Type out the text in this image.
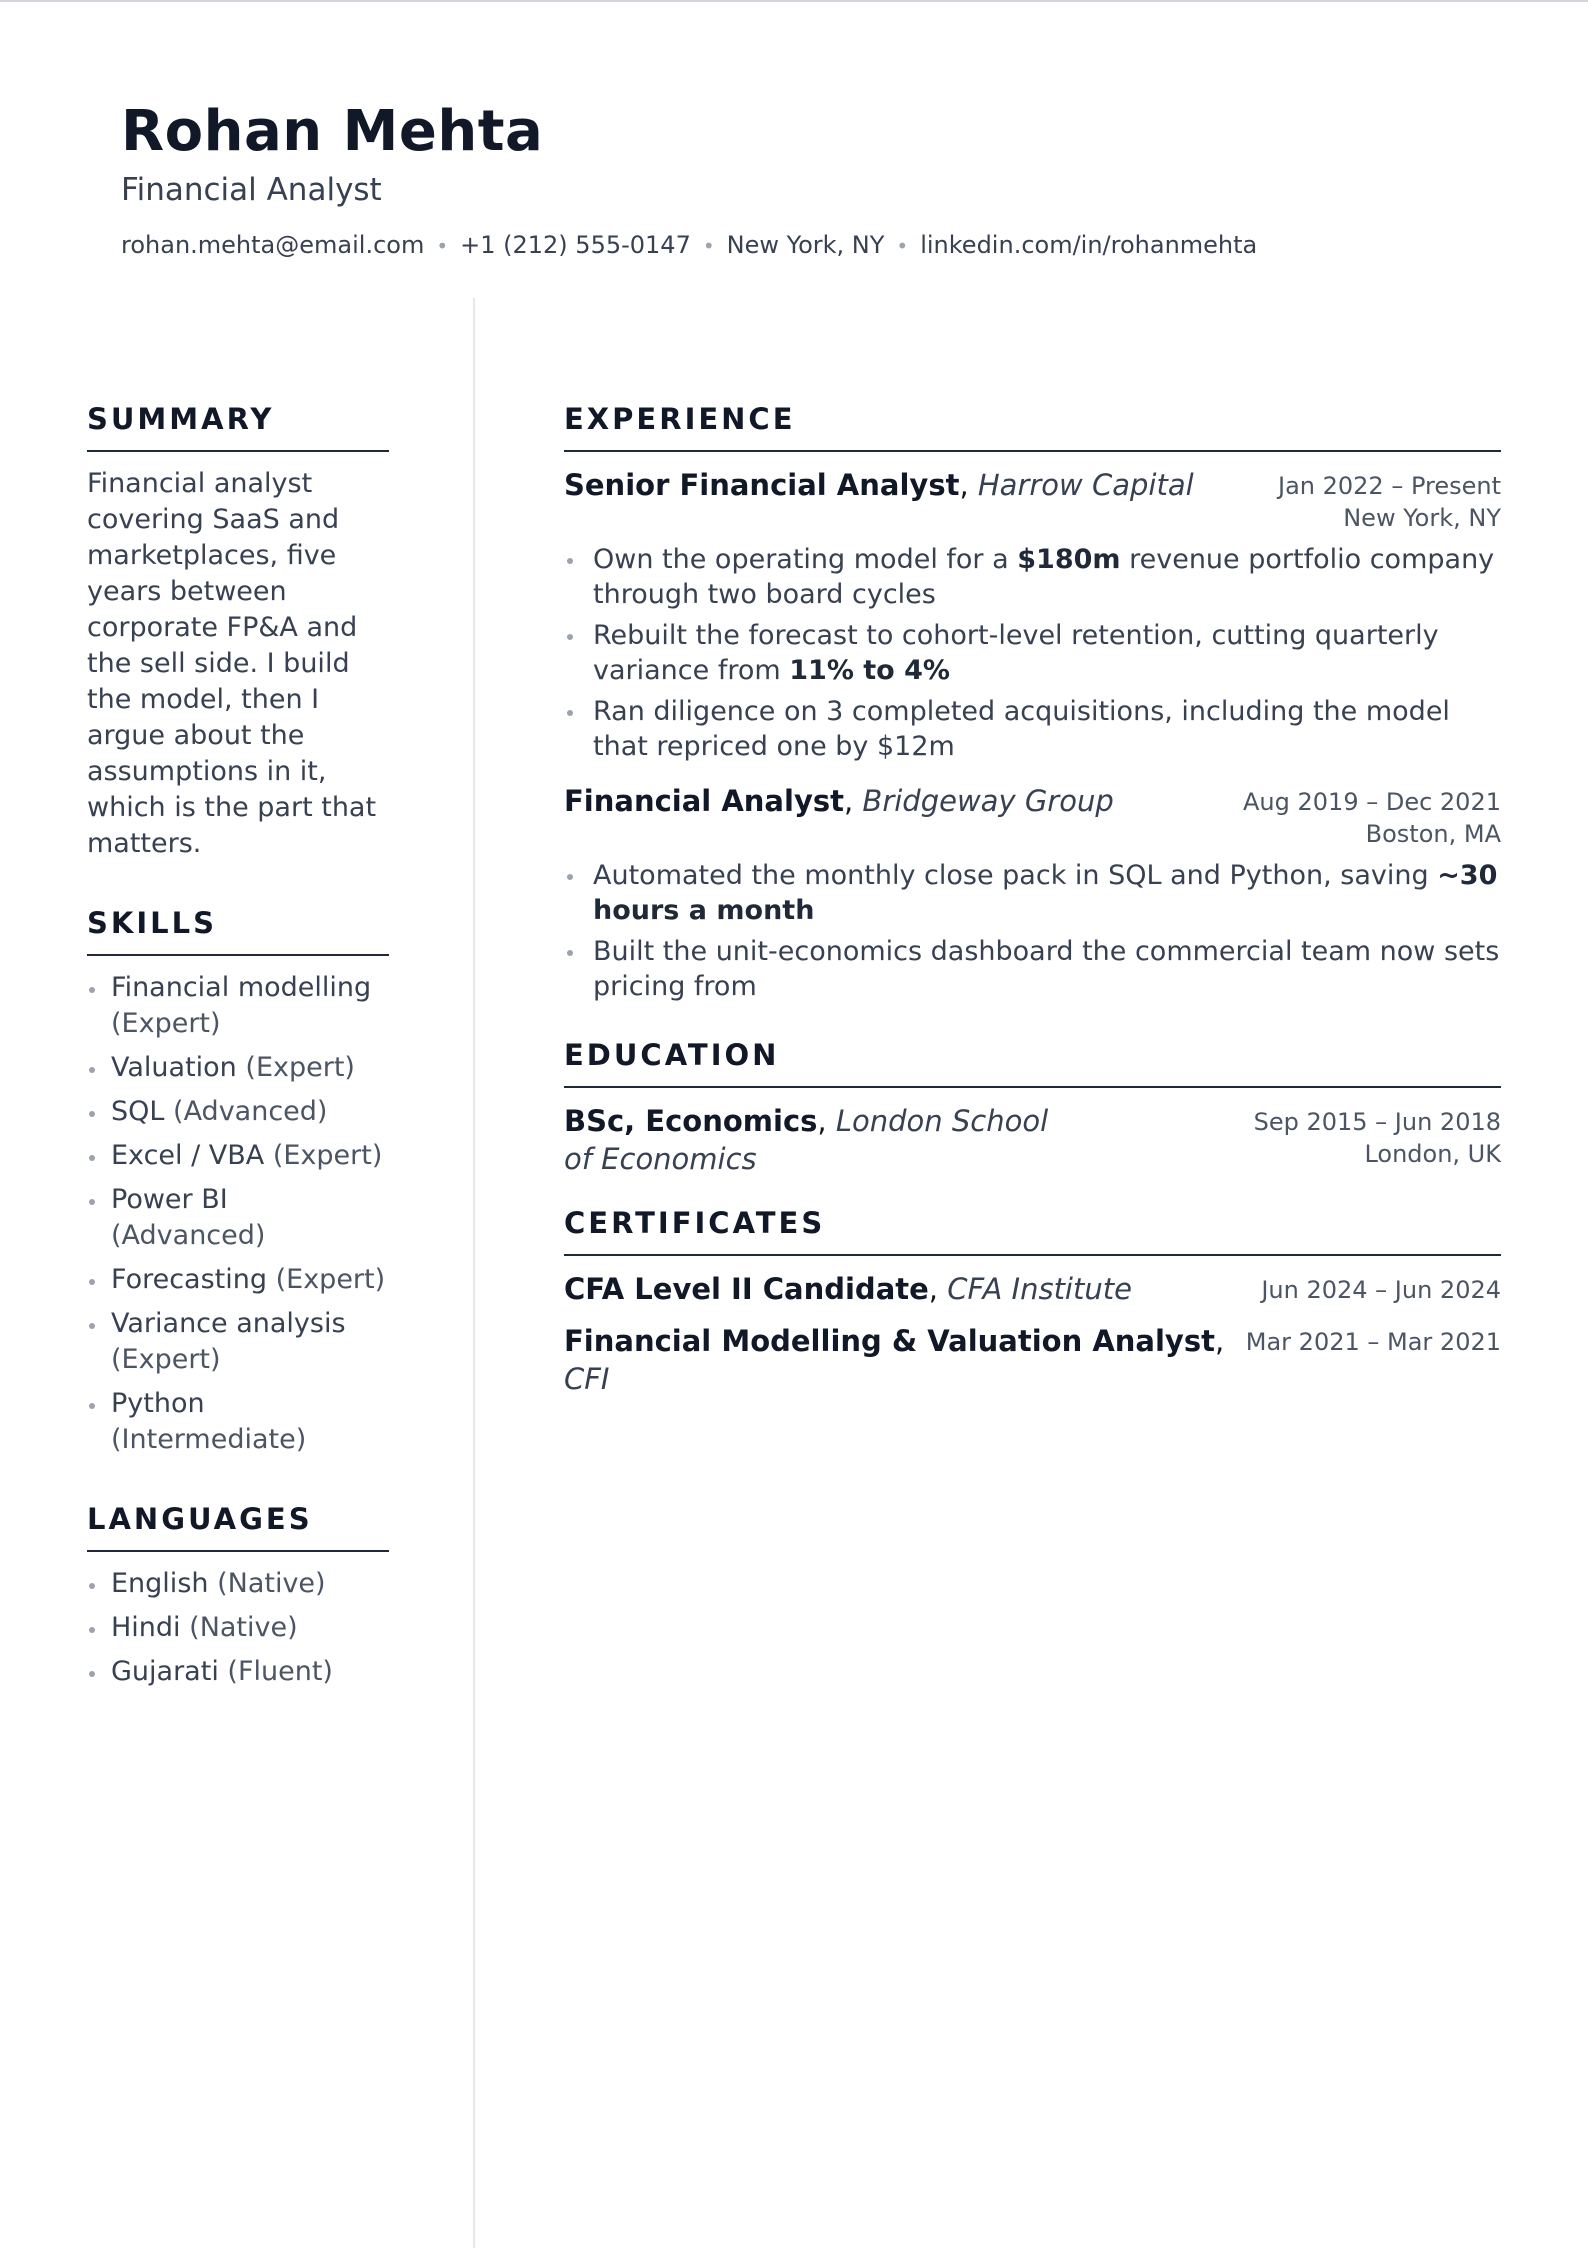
Rohan Mehta
Financial Analyst
rohan.mehta@email.com • +1 (212) 555-0147 • New York, NY • linkedin.com/in/rohanmehta
SUMMARY
Financial analyst covering SaaS and marketplaces, five years between corporate FP&A and the sell side. I build the model, then I argue about the assumptions in it, which is the part that matters.
SKILLS
Financial modelling (Expert)
Valuation (Expert)
SQL (Advanced)
Excel / VBA (Expert)
Power BI (Advanced)
Forecasting (Expert)
Variance analysis (Expert)
Python (Intermediate)
LANGUAGES
English (Native)
Hindi (Native)
Gujarati (Fluent)
EXPERIENCE
Senior Financial Analyst, Harrow Capital	Jan 2022 – Present
New York, NY
Own the operating model for a $180m revenue portfolio company through two board cycles
Rebuilt the forecast to cohort-level retention, cutting quarterly variance from 11% to 4%
Ran diligence on 3 completed acquisitions, including the model that repriced one by $12m
Financial Analyst, Bridgeway Group	Aug 2019 – Dec 2021
Boston, MA
Automated the monthly close pack in SQL and Python, saving ~30 hours a month
Built the unit-economics dashboard the commercial team now sets pricing from
EDUCATION
BSc, Economics, London School of Economics
Sep 2015 – Jun 2018
London, UK
CERTIFICATES
CFA Level II Candidate, CFA Institute	Jun 2024 – Jun 2024
Financial Modelling & Valuation Analyst, CFI
Mar 2021 – Mar 2021
